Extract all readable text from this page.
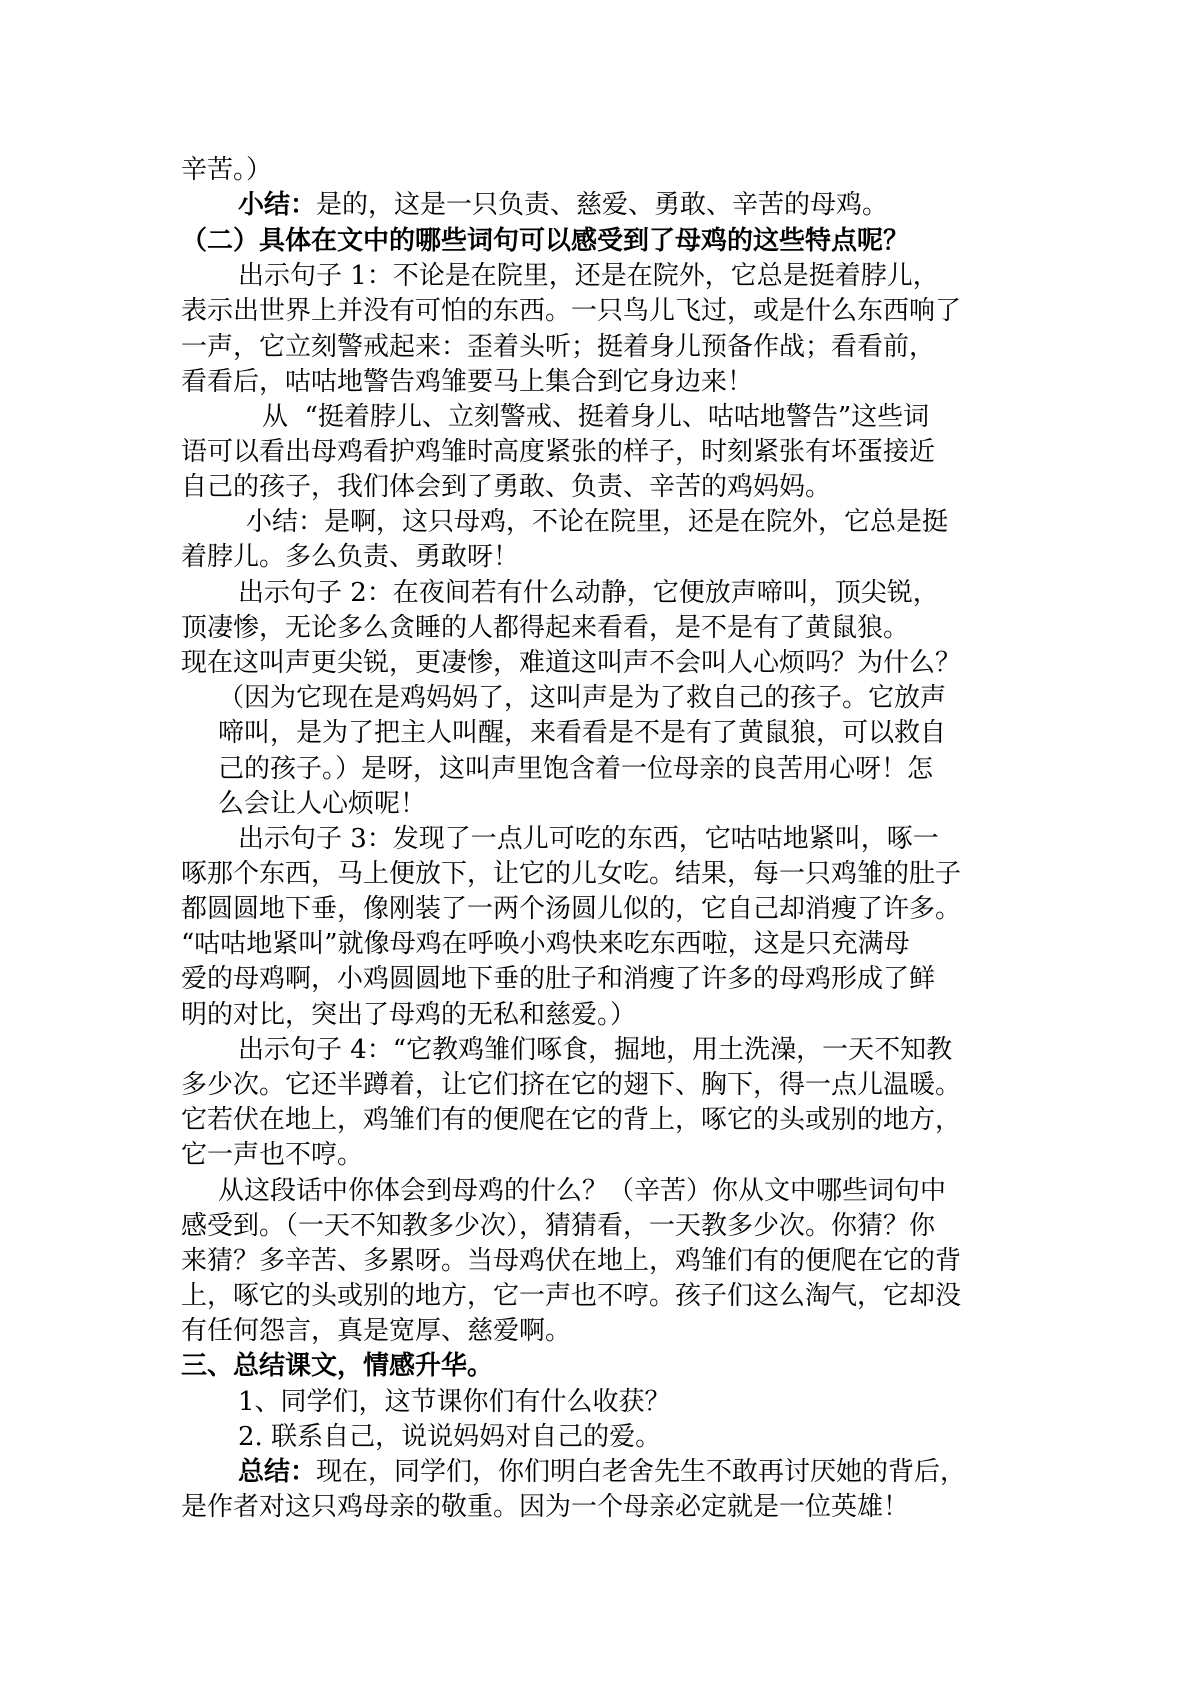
辛苦。）
小结：是的，这是一只负责、慈爱、勇敢、辛苦的母鸡。
（二）具体在文中的哪些词句可以感受到了母鸡的这些特点呢？
出示句子 1：不论是在院里，还是在院外，它总是挺着脖儿，
表示出世界上并没有可怕的东西。一只鸟儿飞过，或是什么东西响了
一声，它立刻警戒起来：歪着头听；挺着身儿预备作战；看看前，
看看后，咕咕地警告鸡雏要马上集合到它身边来！
从  “挺着脖儿、立刻警戒、挺着身儿、咕咕地警告”这些词
语可以看出母鸡看护鸡雏时高度紧张的样子，时刻紧张有坏蛋接近
自己的孩子，我们体会到了勇敢、负责、辛苦的鸡妈妈。
小结：是啊，这只母鸡，不论在院里，还是在院外，它总是挺
着脖儿。多么负责、勇敢呀！
出示句子 2：在夜间若有什么动静，它便放声啼叫，顶尖锐，
顶凄惨，无论多么贪睡的人都得起来看看，是不是有了黄鼠狼。
现在这叫声更尖锐，更凄惨，难道这叫声不会叫人心烦吗？为什么？
（因为它现在是鸡妈妈了，这叫声是为了救自己的孩子。它放声
啼叫，是为了把主人叫醒，来看看是不是有了黄鼠狼，可以救自
己的孩子。）是呀，这叫声里饱含着一位母亲的良苦用心呀！怎
么会让人心烦呢！
出示句子 3：发现了一点儿可吃的东西，它咕咕地紧叫，啄一
啄那个东西，马上便放下，让它的儿女吃。结果，每一只鸡雏的肚子
都圆圆地下垂，像刚装了一两个汤圆儿似的，它自己却消瘦了许多。
“咕咕地紧叫”就像母鸡在呼唤小鸡快来吃东西啦，这是只充满母
爱的母鸡啊，小鸡圆圆地下垂的肚子和消瘦了许多的母鸡形成了鲜
明的对比，突出了母鸡的无私和慈爱。）
出示句子 4：“它教鸡雏们啄食，掘地，用土洗澡，一天不知教
多少次。它还半蹲着，让它们挤在它的翅下、胸下，得一点儿温暖。
它若伏在地上，鸡雏们有的便爬在它的背上，啄它的头或别的地方，
它一声也不哼。
从这段话中你体会到母鸡的什么？（辛苦）你从文中哪些词句中
感受到。（一天不知教多少次），猜猜看，一天教多少次。你猜？你
来猜？多辛苦、多累呀。当母鸡伏在地上，鸡雏们有的便爬在它的背
上，啄它的头或别的地方，它一声也不哼。孩子们这么淘气，它却没
有任何怨言，真是宽厚、慈爱啊。
三、总结课文，情感升华。
1、同学们，这节课你们有什么收获？
2. 联系自己，说说妈妈对自己的爱。
总结：现在，同学们，你们明白老舍先生不敢再讨厌她的背后，
是作者对这只鸡母亲的敬重。因为一个母亲必定就是一位英雄！
